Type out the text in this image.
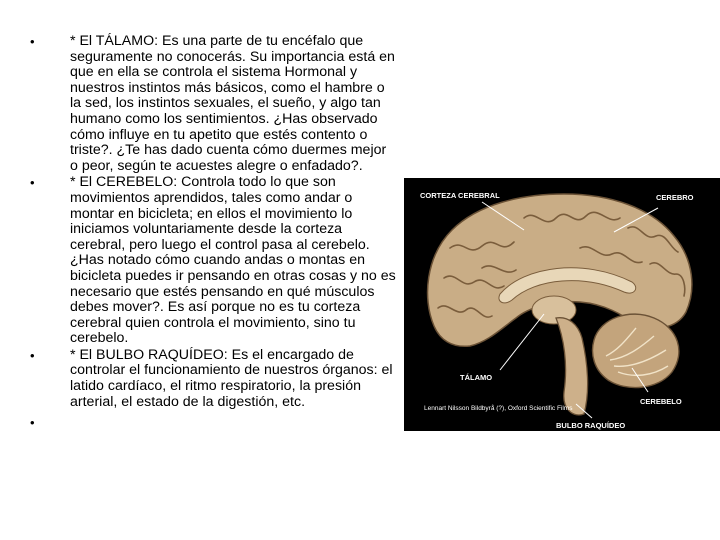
• * El TÁLAMO: Es una parte de tu encéfalo que seguramente no conocerás. Su importancia está en que en ella se controla el sistema Hormonal y nuestros instintos más básicos, como el hambre o la sed, los instintos sexuales, el sueño, y algo tan humano como los sentimientos. ¿Has observado cómo influye en tu apetito que estés contento o triste?. ¿Te has dado cuenta cómo duermes mejor o peor, según te acuestes alegre o enfadado?.
• * El CEREBELO: Controla todo lo que son movimientos aprendidos, tales como andar o montar en bicicleta; en ellos el movimiento lo iniciamos voluntariamente desde la corteza cerebral, pero luego el control pasa al cerebelo. ¿Has notado cómo cuando andas o montas en bicicleta puedes ir pensando en otras cosas y no es necesario que estés pensando en qué músculos debes mover?. Es así porque no es tu corteza cerebral quien controla el movimiento, sino tu cerebelo.
• * El BULBO RAQUÍDEO: Es el encargado de controlar el funcionamiento de nuestros órganos: el latido cardíaco, el ritmo respiratorio, la presión arterial, el estado de la digestión, etc.
•
CORTEZA CEREBRAL	CEREBRO
TÁLAMO
CEREBELO
BULBO RAQUÍDEO
Lennart Nilsson Bildbyrå (?), Oxford Scientific Films
